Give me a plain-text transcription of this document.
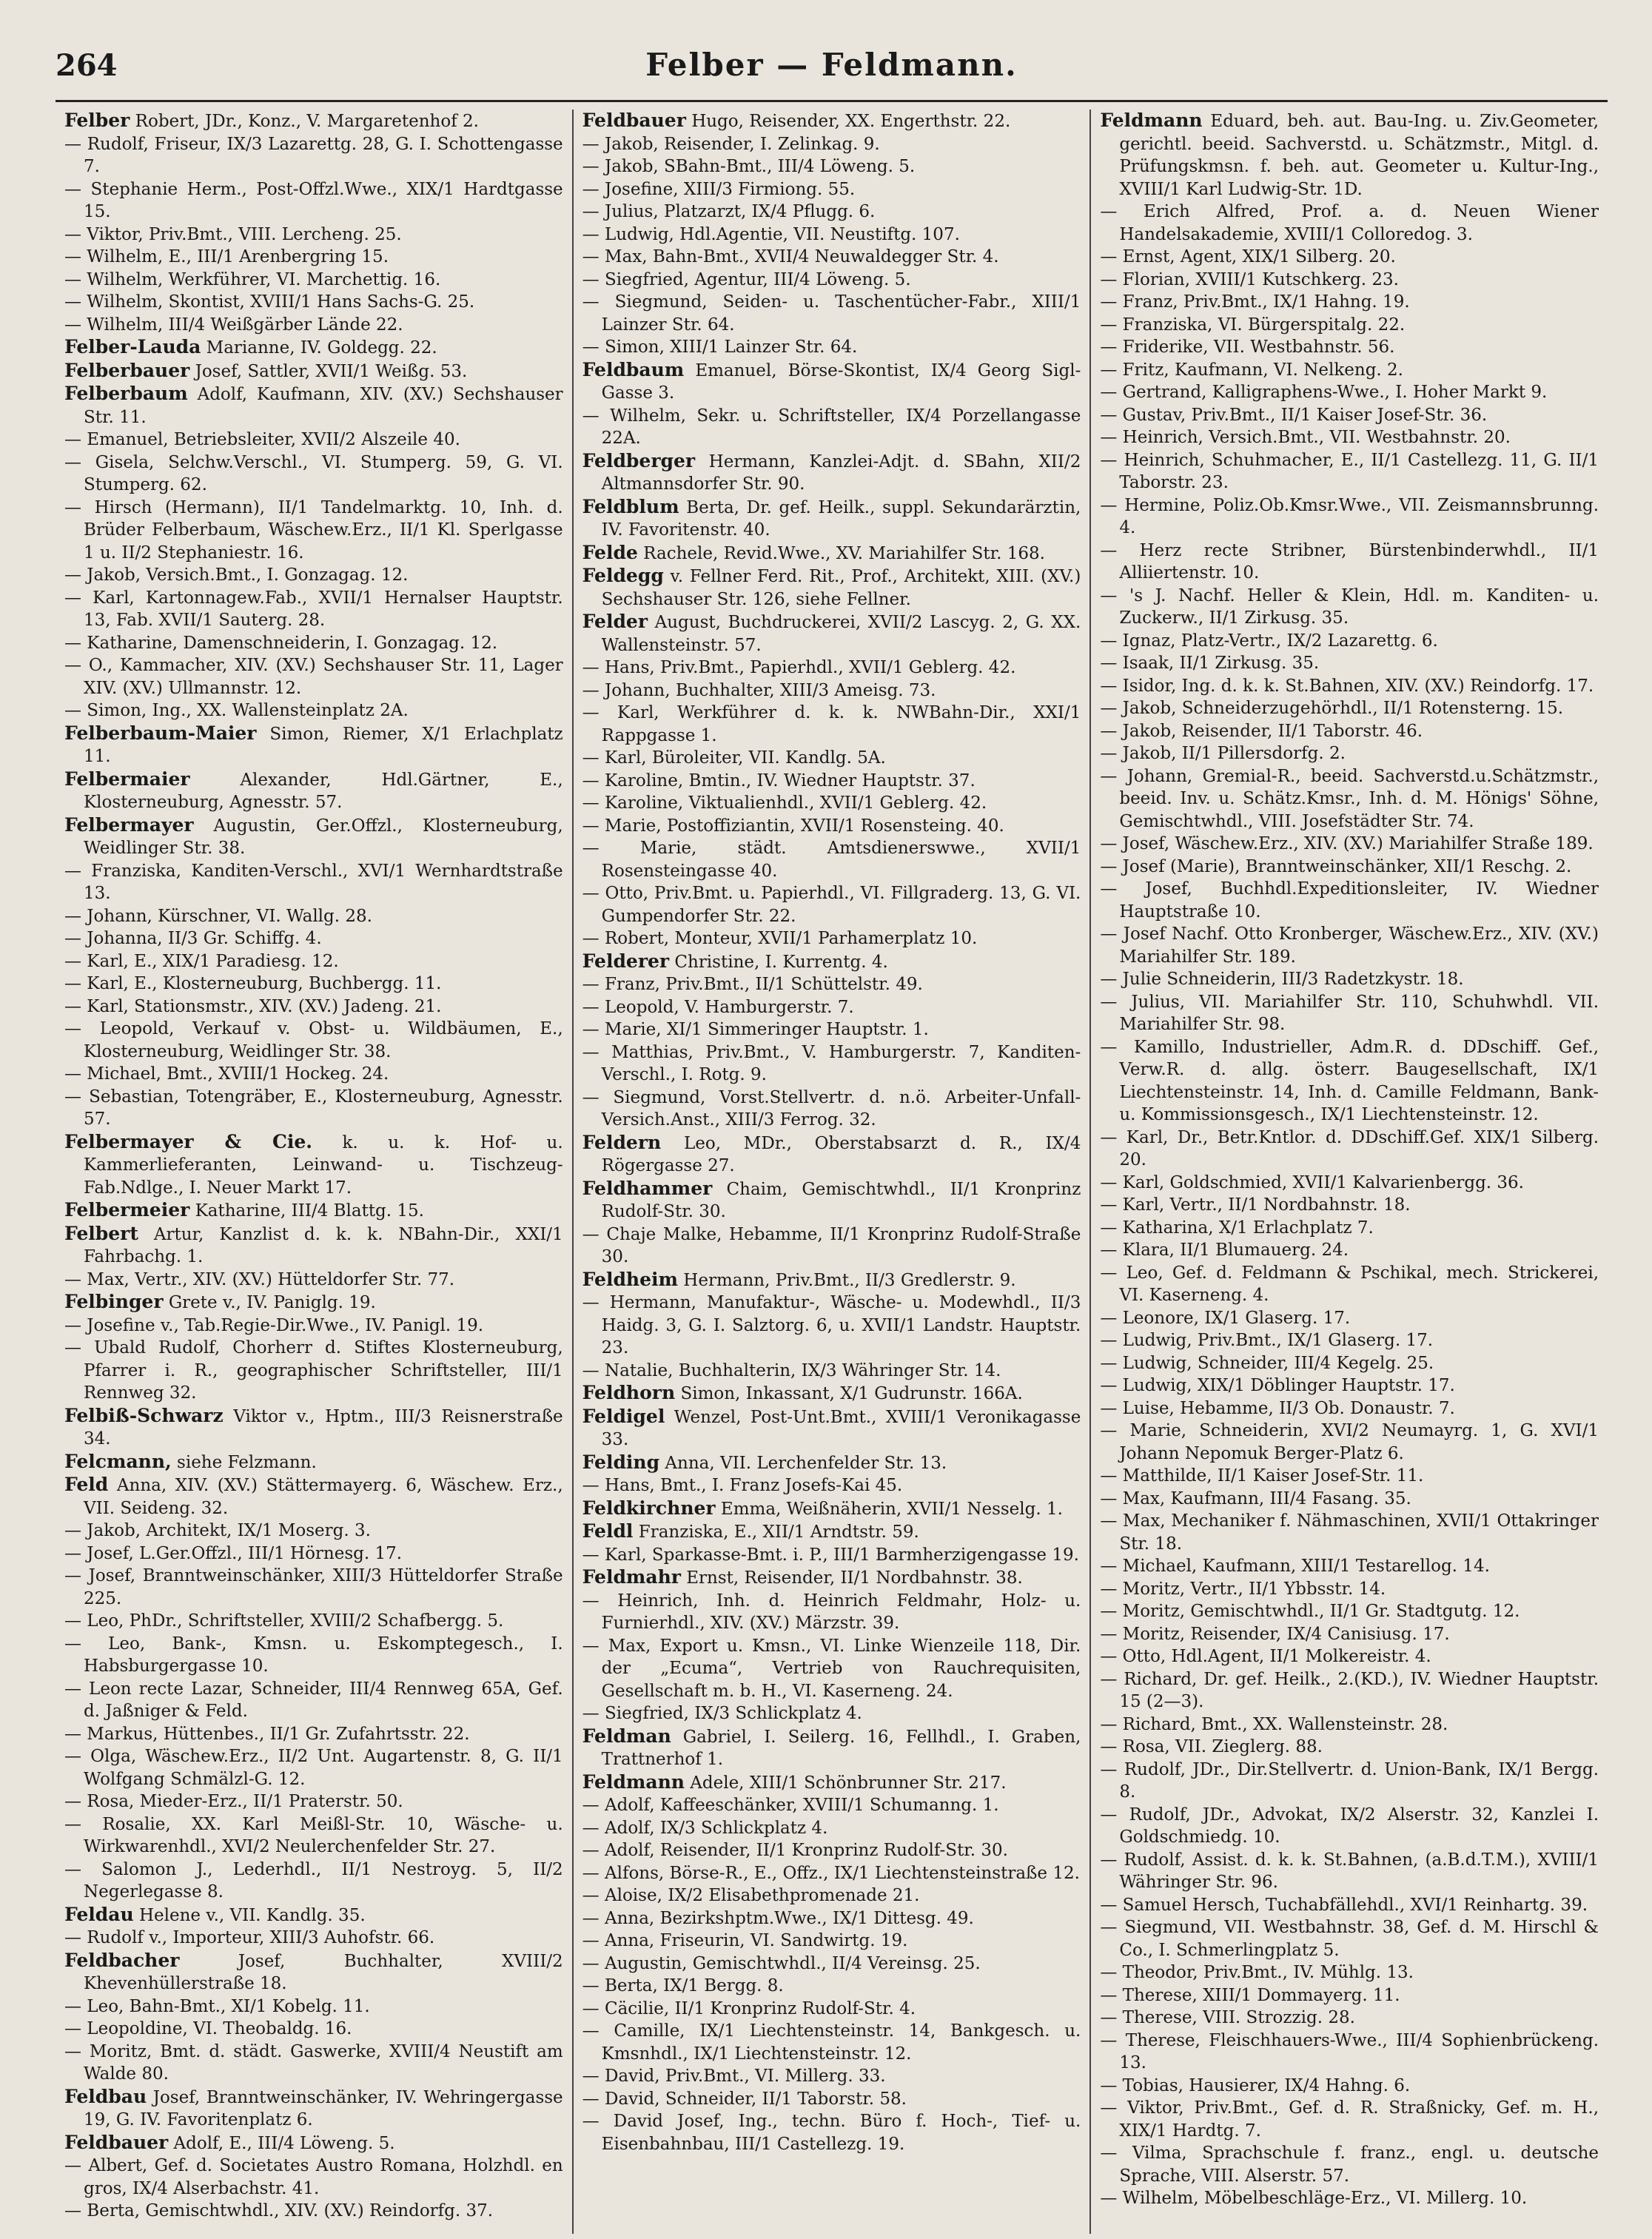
264	Felber — Feldmann.
Felber Robert, JDr., Konz., V. Margaretenhof 2.
— Rudolf, Friseur, IX/3 Lazarettg. 28, G. I. Schottengasse 7.
— Stephanie Herm., Post-Offzl.Wwe., XIX/1 Hardtgasse 15.
— Viktor, Priv.Bmt., VIII. Lercheng. 25.
— Wilhelm, E., III/1 Arenbergring 15.
— Wilhelm, Werkführer, VI. Marchettig. 16.
— Wilhelm, Skontist, XVIII/1 Hans Sachs-G. 25.
— Wilhelm, III/4 Weißgärber Lände 22.
Felber-Lauda Marianne, IV. Goldegg. 22.
Felberbauer Josef, Sattler, XVII/1 Weißg. 53.
Felberbaum Adolf, Kaufmann, XIV. (XV.) Sechshauser Str. 11.
— Emanuel, Betriebsleiter, XVII/2 Alszeile 40.
— Gisela, Selchw.Verschl., VI. Stumperg. 59, G. VI. Stumperg. 62.
— Hirsch (Hermann), II/1 Tandelmarktg. 10, Inh. d. Brüder Felberbaum, Wäschew.Erz., II/1 Kl. Sperlgasse 1 u. II/2 Stephaniestr. 16.
— Jakob, Versich.Bmt., I. Gonzagag. 12.
— Karl, Kartonnagew.Fab., XVII/1 Hernalser Hauptstr. 13, Fab. XVII/1 Sauterg. 28.
— Katharine, Damenschneiderin, I. Gonzagag. 12.
— O., Kammacher, XIV. (XV.) Sechshauser Str. 11, Lager XIV. (XV.) Ullmannstr. 12.
— Simon, Ing., XX. Wallensteinplatz 2A.
Felberbaum-Maier Simon, Riemer, X/1 Erlachplatz 11.
Felbermaier	Alexander, Hdl.Gärtner, E., Klosterneuburg, Agnesstr. 57.
Felbermayer Augustin, Ger.Offzl., Klosterneuburg, Weidlinger Str. 38.
— Franziska, Kanditen-Verschl., XVI/1 Wernhardtstraße 13.
— Johann, Kürschner, VI. Wallg. 28.
— Johanna, II/3 Gr. Schiffg. 4.
— Karl, E., XIX/1 Paradiesg. 12.
— Karl, E., Klosterneuburg, Buchbergg. 11.
— Karl, Stationsmstr., XIV. (XV.) Jadeng. 21.
— Leopold, Verkauf v. Obst- u. Wildbäumen, E., Klosterneuburg, Weidlinger Str. 38.
— Michael, Bmt., XVIII/1 Hockeg. 24.
— Sebastian, Totengräber, E., Klosterneuburg, Agnesstr. 57.
Felbermayer & Cie. k. u. k. Hof- u. Kammerlieferanten, Leinwand- u. Tischzeug-Fab.Ndlge., I. Neuer Markt 17.
Felbermeier Katharine, III/4 Blattg. 15.
Felbert Artur, Kanzlist d. k. k. NBahn-Dir., XXI/1 Fahrbachg. 1.
— Max, Vertr., XIV. (XV.) Hütteldorfer Str. 77.
Felbinger Grete v., IV. Paniglg. 19.
— Josefine v., Tab.Regie-Dir.Wwe., IV. Panigl. 19.
— Ubald Rudolf, Chorherr d. Stiftes Klosterneuburg, Pfarrer i. R., geographischer Schriftsteller, III/1 Rennweg 32.
Felbiß-Schwarz Viktor v., Hptm., III/3 Reisnerstraße 34.
Felcmann, siehe Felzmann.
Feld Anna, XIV. (XV.) Stättermayerg. 6, Wäschew. Erz., VII. Seideng. 32.
— Jakob, Architekt, IX/1 Moserg. 3.
— Josef, L.Ger.Offzl., III/1 Hörnesg. 17.
— Josef, Branntweinschänker, XIII/3 Hütteldorfer Straße 225.
— Leo, PhDr., Schriftsteller, XVIII/2 Schafbergg. 5.
— Leo, Bank-, Kmsn. u. Eskomptegesch., I. Habsburgergasse 10.
— Leon recte Lazar, Schneider, III/4 Rennweg 65A, Gef. d. Jaßniger & Feld.
— Markus, Hüttenbes., II/1 Gr. Zufahrtsstr. 22.
— Olga, Wäschew.Erz., II/2 Unt. Augartenstr. 8, G. II/1 Wolfgang Schmälzl-G. 12.
— Rosa, Mieder-Erz., II/1 Praterstr. 50.
— Rosalie, XX. Karl Meißl-Str. 10, Wäsche- u. Wirkwarenhdl., XVI/2 Neulerchenfelder Str. 27.
— Salomon J., Lederhdl., II/1 Nestroyg. 5, II/2 Negerlegasse 8.
Feldau Helene v., VII. Kandlg. 35.
— Rudolf v., Importeur, XIII/3 Auhofstr. 66.
Feldbacher	Josef, Buchhalter, XVIII/2 Khevenhüllerstraße 18.
— Leo, Bahn-Bmt., XI/1 Kobelg. 11.
— Leopoldine, VI. Theobaldg. 16.
— Moritz, Bmt. d. städt. Gaswerke, XVIII/4 Neustift am Walde 80.
Feldbau Josef, Branntweinschänker, IV. Wehringergasse 19, G. IV. Favoritenplatz 6.
Feldbauer Adolf, E., III/4 Löweng. 5.
— Albert, Gef. d. Societates Austro Romana, Holzhdl. en gros, IX/4 Alserbachstr. 41.
— Berta, Gemischtwhdl., XIV. (XV.) Reindorfg. 37.
Feldbauer Hugo, Reisender, XX. Engerthstr. 22.
— Jakob, Reisender, I. Zelinkag. 9.
— Jakob, SBahn-Bmt., III/4 Löweng. 5.
— Josefine, XIII/3 Firmiong. 55.
— Julius, Platzarzt, IX/4 Pflugg. 6.
— Ludwig, Hdl.Agentie, VII. Neustiftg. 107.
— Max, Bahn-Bmt., XVII/4 Neuwaldegger Str. 4.
— Siegfried, Agentur, III/4 Löweng. 5.
— Siegmund, Seiden- u. Taschentücher-Fabr., XIII/1 Lainzer Str. 64.
— Simon, XIII/1 Lainzer Str. 64.
Feldbaum Emanuel, Börse-Skontist, IX/4 Georg Sigl-Gasse 3.
— Wilhelm, Sekr. u. Schriftsteller, IX/4 Porzellangasse 22A.
Feldberger Hermann, Kanzlei-Adjt. d. SBahn, XII/2 Altmannsdorfer Str. 90.
Feldblum Berta, Dr. gef. Heilk., suppl. Sekundarärztin, IV. Favoritenstr. 40.
Felde Rachele, Revid.Wwe., XV. Mariahilfer Str. 168.
Feldegg v. Fellner Ferd. Rit., Prof., Architekt, XIII. (XV.) Sechshauser Str. 126, siehe Fellner.
Felder August, Buchdruckerei, XVII/2 Lascyg. 2, G. XX. Wallensteinstr. 57.
— Hans, Priv.Bmt., Papierhdl., XVII/1 Geblerg. 42.
— Johann, Buchhalter, XIII/3 Ameisg. 73.
— Karl, Werkführer d. k. k. NWBahn-Dir., XXI/1 Rappgasse 1.
— Karl, Büroleiter, VII. Kandlg. 5A.
— Karoline, Bmtin., IV. Wiedner Hauptstr. 37.
— Karoline, Viktualienhdl., XVII/1 Geblerg. 42.
— Marie, Postoffiziantin, XVII/1 Rosensteing. 40.
— Marie, städt. Amtsdienerswwe., XVII/1 Rosensteingasse 40.
— Otto, Priv.Bmt. u. Papierhdl., VI. Fillgraderg. 13, G. VI. Gumpendorfer Str. 22.
— Robert, Monteur, XVII/1 Parhamerplatz 10.
Felderer Christine, I. Kurrentg. 4.
— Franz, Priv.Bmt., II/1 Schüttelstr. 49.
— Leopold, V. Hamburgerstr. 7.
— Marie, XI/1 Simmeringer Hauptstr. 1.
— Matthias, Priv.Bmt., V. Hamburgerstr. 7, Kanditen-Verschl., I. Rotg. 9.
— Siegmund, Vorst.Stellvertr. d. n.ö. Arbeiter-Unfall-Versich.Anst., XIII/3 Ferrog. 32.
Feldern Leo, MDr., Oberstabsarzt d. R., IX/4 Rögergasse 27.
Feldhammer Chaim, Gemischtwhdl., II/1 Kronprinz Rudolf-Str. 30.
— Chaje Malke, Hebamme, II/1 Kronprinz Rudolf-Straße 30.
Feldheim Hermann, Priv.Bmt., II/3 Gredlerstr. 9.
— Hermann, Manufaktur-, Wäsche- u. Modewhdl., II/3 Haidg. 3, G. I. Salztorg. 6, u. XVII/1 Landstr. Hauptstr. 23.
— Natalie, Buchhalterin, IX/3 Währinger Str. 14.
Feldhorn Simon, Inkassant, X/1 Gudrunstr. 166A.
Feldigel Wenzel, Post-Unt.Bmt., XVIII/1 Veronikagasse 33.
Felding Anna, VII. Lerchenfelder Str. 13.
— Hans, Bmt., I. Franz Josefs-Kai 45.
Feldkirchner Emma, Weißnäherin, XVII/1 Nesselg. 1.
Feldl Franziska, E., XII/1 Arndtstr. 59.
— Karl, Sparkasse-Bmt. i. P., III/1 Barmherzigengasse 19.
Feldmahr Ernst, Reisender, II/1 Nordbahnstr. 38.
— Heinrich, Inh. d. Heinrich Feldmahr, Holz- u. Furnierhdl., XIV. (XV.) Märzstr. 39.
— Max, Export u. Kmsn., VI. Linke Wienzeile 118, Dir. der „Ecuma“, Vertrieb von Rauchrequisiten, Gesellschaft m. b. H., VI. Kaserneng. 24.
— Siegfried, IX/3 Schlickplatz 4.
Feldman Gabriel, I. Seilerg. 16, Fellhdl., I. Graben, Trattnerhof 1.
Feldmann Adele, XIII/1 Schönbrunner Str. 217.
— Adolf, Kaffeeschänker, XVIII/1 Schumanng. 1.
— Adolf, IX/3 Schlickplatz 4.
— Adolf, Reisender, II/1 Kronprinz Rudolf-Str. 30.
— Alfons, Börse-R., E., Offz., IX/1 Liechtensteinstraße 12.
— Aloise, IX/2 Elisabethpromenade 21.
— Anna, Bezirkshptm.Wwe., IX/1 Dittesg. 49.
— Anna, Friseurin, VI. Sandwirtg. 19.
— Augustin, Gemischtwhdl., II/4 Vereinsg. 25.
— Berta, IX/1 Bergg. 8.
— Cäcilie, II/1 Kronprinz Rudolf-Str. 4.
— Camille, IX/1 Liechtensteinstr. 14, Bankgesch. u. Kmsnhdl., IX/1 Liechtensteinstr. 12.
— David, Priv.Bmt., VI. Millerg. 33.
— David, Schneider, II/1 Taborstr. 58.
— David Josef, Ing., techn. Büro f. Hoch-, Tief- u. Eisenbahnbau, III/1 Castellezg. 19.
Feldmann Eduard, beh. aut. Bau-Ing. u. Ziv.Geometer, gerichtl. beeid. Sachverstd. u. Schätzmstr., Mitgl. d. Prüfungskmsn. f. beh. aut. Geometer u. Kultur-Ing., XVIII/1 Karl Ludwig-Str. 1D.
— Erich Alfred, Prof. a. d. Neuen Wiener Handelsakademie, XVIII/1 Colloredog. 3.
— Ernst, Agent, XIX/1 Silberg. 20.
— Florian, XVIII/1 Kutschkerg. 23.
— Franz, Priv.Bmt., IX/1 Hahng. 19.
— Franziska, VI. Bürgerspitalg. 22.
— Friderike, VII. Westbahnstr. 56.
— Fritz, Kaufmann, VI. Nelkeng. 2.
— Gertrand, Kalligraphens-Wwe., I. Hoher Markt 9.
— Gustav, Priv.Bmt., II/1 Kaiser Josef-Str. 36.
— Heinrich, Versich.Bmt., VII. Westbahnstr. 20.
— Heinrich, Schuhmacher, E., II/1 Castellezg. 11, G. II/1 Taborstr. 23.
— Hermine, Poliz.Ob.Kmsr.Wwe., VII. Zeismannsbrunng. 4.
— Herz recte Stribner, Bürstenbinderwhdl., II/1 Alliiertenstr. 10.
— 's J. Nachf. Heller & Klein, Hdl. m. Kanditen- u. Zuckerw., II/1 Zirkusg. 35.
— Ignaz, Platz-Vertr., IX/2 Lazarettg. 6.
— Isaak, II/1 Zirkusg. 35.
— Isidor, Ing. d. k. k. St.Bahnen, XIV. (XV.) Reindorfg. 17.
— Jakob, Schneiderzugehörhdl., II/1 Rotensterng. 15.
— Jakob, Reisender, II/1 Taborstr. 46.
— Jakob, II/1 Pillersdorfg. 2.
— Johann, Gremial-R., beeid. Sachverstd.u.Schätzmstr., beeid. Inv. u. Schätz.Kmsr., Inh. d. M. Hönigs' Söhne, Gemischtwhdl., VIII. Josefstädter Str. 74.
— Josef, Wäschew.Erz., XIV. (XV.) Mariahilfer Straße 189.
— Josef (Marie), Branntweinschänker, XII/1 Reschg. 2.
— Josef, Buchhdl.Expeditionsleiter, IV. Wiedner Hauptstraße 10.
— Josef Nachf. Otto Kronberger, Wäschew.Erz., XIV. (XV.) Mariahilfer Str. 189.
— Julie Schneiderin, III/3 Radetzkystr. 18.
— Julius, VII. Mariahilfer Str. 110, Schuhwhdl. VII. Mariahilfer Str. 98.
— Kamillo, Industrieller, Adm.R. d. DDschiff. Gef., Verw.R. d. allg. österr. Baugesellschaft, IX/1 Liechtensteinstr. 14, Inh. d. Camille Feldmann, Bank- u. Kommissionsgesch., IX/1 Liechtensteinstr. 12.
— Karl, Dr., Betr.Kntlor. d. DDschiff.Gef. XIX/1 Silberg. 20.
— Karl, Goldschmied, XVII/1 Kalvarienbergg. 36.
— Karl, Vertr., II/1 Nordbahnstr. 18.
— Katharina, X/1 Erlachplatz 7.
— Klara, II/1 Blumauerg. 24.
— Leo, Gef. d. Feldmann & Pschikal, mech. Strickerei, VI. Kaserneng. 4.
— Leonore, IX/1 Glaserg. 17.
— Ludwig, Priv.Bmt., IX/1 Glaserg. 17.
— Ludwig, Schneider, III/4 Kegelg. 25.
— Ludwig, XIX/1 Döblinger Hauptstr. 17.
— Luise, Hebamme, II/3 Ob. Donaustr. 7.
— Marie, Schneiderin, XVI/2 Neumayrg. 1, G. XVI/1 Johann Nepomuk Berger-Platz 6.
— Matthilde, II/1 Kaiser Josef-Str. 11.
— Max, Kaufmann, III/4 Fasang. 35.
— Max, Mechaniker f. Nähmaschinen, XVII/1 Ottakringer Str. 18.
— Michael, Kaufmann, XIII/1 Testarellog. 14.
— Moritz, Vertr., II/1 Ybbsstr. 14.
— Moritz, Gemischtwhdl., II/1 Gr. Stadtgutg. 12.
— Moritz, Reisender, IX/4 Canisiusg. 17.
— Otto, Hdl.Agent, II/1 Molkereistr. 4.
— Richard, Dr. gef. Heilk., 2.(KD.), IV. Wiedner Hauptstr. 15 (2—3).
— Richard, Bmt., XX. Wallensteinstr. 28.
— Rosa, VII. Zieglerg. 88.
— Rudolf, JDr., Dir.Stellvertr. d. Union-Bank, IX/1 Bergg. 8.
— Rudolf, JDr., Advokat, IX/2 Alserstr. 32, Kanzlei I. Goldschmiedg. 10.
— Rudolf, Assist. d. k. k. St.Bahnen, (a.B.d.T.M.), XVIII/1 Währinger Str. 96.
— Samuel Hersch, Tuchabfällehdl., XVI/1 Reinhartg. 39.
— Siegmund, VII. Westbahnstr. 38, Gef. d. M. Hirschl & Co., I. Schmerlingplatz 5.
— Theodor, Priv.Bmt., IV. Mühlg. 13.
— Therese, XIII/1 Dommayerg. 11.
— Therese, VIII. Strozzig. 28.
— Therese, Fleischhauers-Wwe., III/4 Sophienbrückeng. 13.
— Tobias, Hausierer, IX/4 Hahng. 6.
— Viktor, Priv.Bmt., Gef. d. R. Straßnicky, Gef. m. H., XIX/1 Hardtg. 7.
— Vilma, Sprachschule f. franz., engl. u. deutsche Sprache, VIII. Alserstr. 57.
— Wilhelm, Möbelbeschläge-Erz., VI. Millerg. 10.
